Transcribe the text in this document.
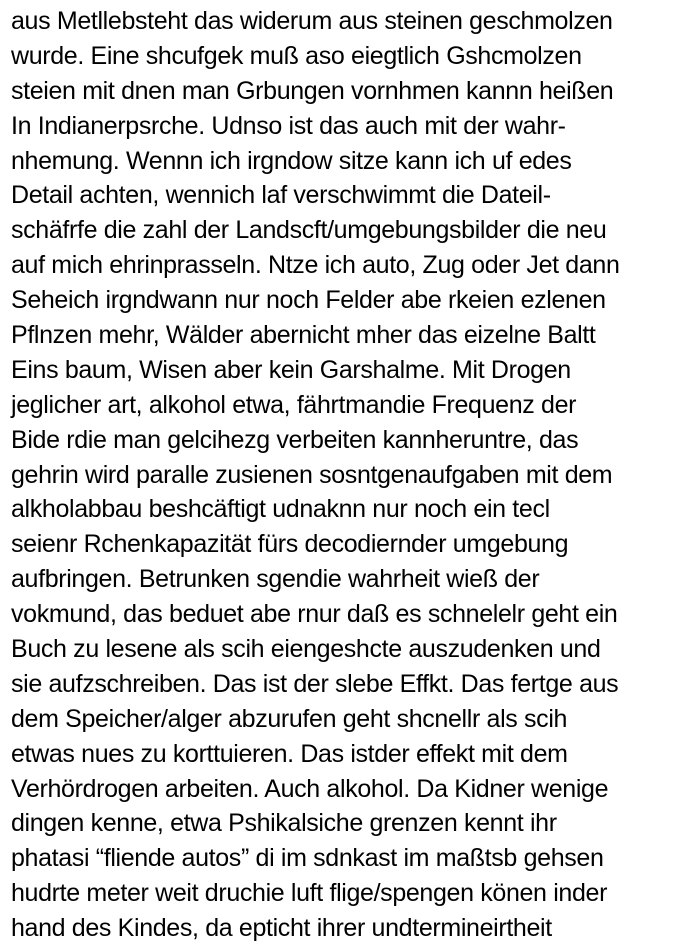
aus Metllebsteht das widerum aus steinen geschmolzen
wurde. Eine shcufgek muß aso eiegtlich Gshcmolzen
steien mit dnen man Grbungen vornhmen kannn heißen
In Indianerpsrche. Udnso ist das auch mit der wahr-
nhemung. Wennn ich irgndow sitze kann ich uf edes
Detail achten, wennich laf verschwimmt die Dateil-
schäfrfe die zahl der Landscft/umgebungsbilder die neu
auf mich ehrinprasseln. Ntze ich auto, Zug oder Jet dann
Seheich irgndwann nur noch Felder abe rkeien ezlenen
Pflnzen mehr, Wälder abernicht mher das eizelne Baltt
Eins baum, Wisen aber kein Garshalme. Mit Drogen
jeglicher art, alkohol etwa, fährtmandie Frequenz der
Bide rdie man gelcihezg verbeiten kannheruntre, das
gehrin wird paralle zusienen sosntgenaufgaben mit dem
alkholabbau beshcäftigt udnaknn nur noch ein tecl
seienr Rchenkapazität fürs decodiernder umgebung
aufbringen. Betrunken sgendie wahrheit wieß der
vokmund, das beduet abe rnur daß es schnelelr geht ein
Buch zu lesene als scih eiengeshcte auszudenken und
sie aufzschreiben. Das ist der slebe Effkt. Das fertge aus
dem Speicher/alger abzurufen geht shcnellr als scih
etwas nues zu korttuieren. Das istder effekt mit dem
Verhördrogen arbeiten. Auch alkohol. Da Kidner wenige
dingen kenne, etwa Pshikalsiche grenzen kennt ihr
phatasi “fliende autos” di im sdnkast im maßtsb gehsen
hudrte meter weit druchie luft flige/spengen könen inder
hand des Kindes, da epticht ihrer undtermineirtheit
